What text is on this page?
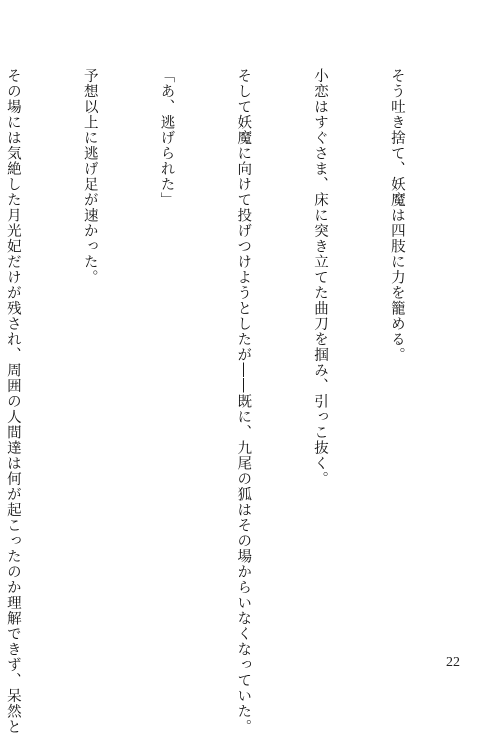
そう吐き捨て、妖魔は四肢に力を籠める。

小恋はすぐさま、床に突き立てた曲刀を掴み、引っこ抜く。

そして妖魔に向けて投げつけようとしたが――既に、九尾の狐はその場からいなくなっていた。

「あ、逃げられた」

予想以上に逃げ足が速かった。

その場には気絶した月光妃だけが残され、周囲の人間達は何が起こったのか理解できず、呆然と

	22
